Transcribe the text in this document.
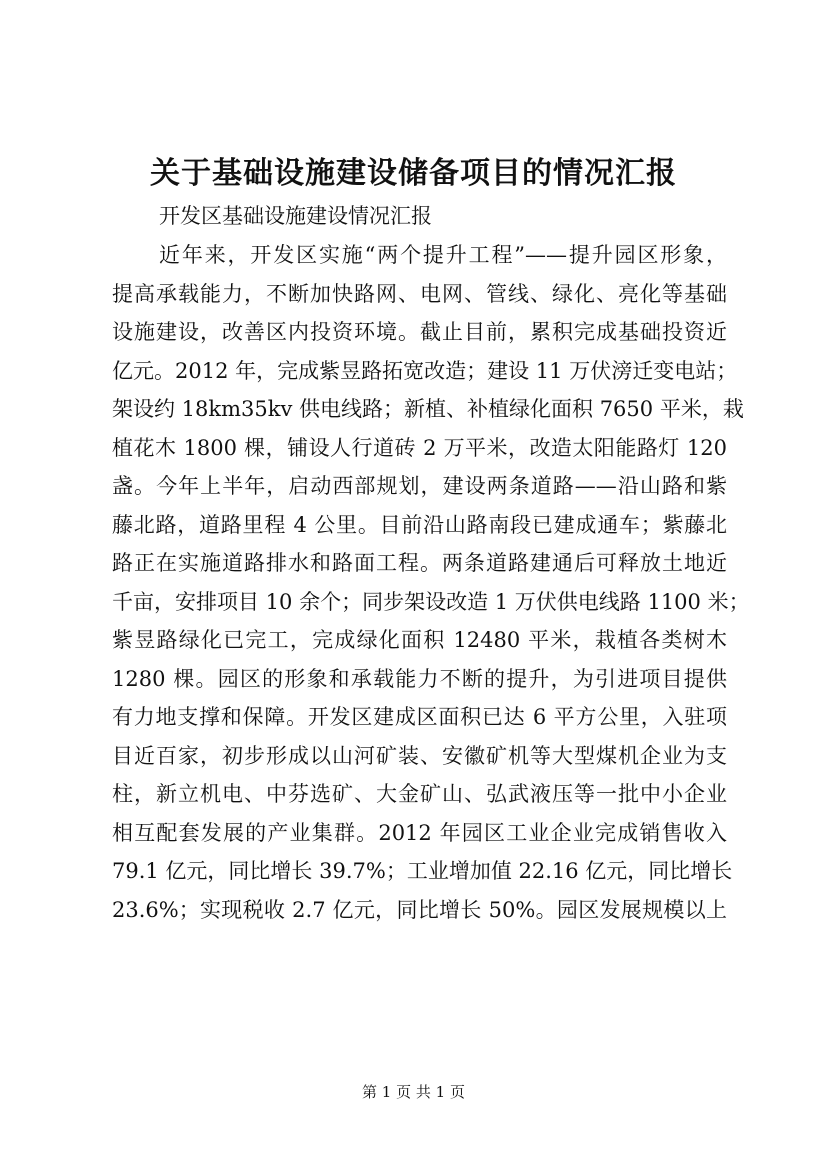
关于基础设施建设储备项目的情况汇报
开发区基础设施建设情况汇报
近年来，开发区实施“两个提升工程”——提升园区形象，
提高承载能力，不断加快路网、电网、管线、绿化、亮化等基础
设施建设，改善区内投资环境。截止目前，累积完成基础投资近
亿元。2012 年，完成紫昱路拓宽改造；建设 11 万伏滂迁变电站；
架设约 18km35kv 供电线路；新植、补植绿化面积 7650 平米，栽
植花木 1800 棵，铺设人行道砖 2 万平米，改造太阳能路灯 120
盏。今年上半年，启动西部规划，建设两条道路——沿山路和紫
藤北路，道路里程 4 公里。目前沿山路南段已建成通车；紫藤北
路正在实施道路排水和路面工程。两条道路建通后可释放土地近
千亩，安排项目 10 余个；同步架设改造 1 万伏供电线路 1100 米；
紫昱路绿化已完工，完成绿化面积 12480 平米，栽植各类树木
1280 棵。园区的形象和承载能力不断的提升，为引进项目提供
有力地支撑和保障。开发区建成区面积已达 6 平方公里，入驻项
目近百家，初步形成以山河矿装、安徽矿机等大型煤机企业为支
柱，新立机电、中芬选矿、大金矿山、弘武液压等一批中小企业
相互配套发展的产业集群。2012 年园区工业企业完成销售收入
79.1 亿元，同比增长 39.7%；工业增加值 22.16 亿元，同比增长
23.6%；实现税收 2.7 亿元，同比增长 50%。园区发展规模以上
第 1 页 共 1 页
